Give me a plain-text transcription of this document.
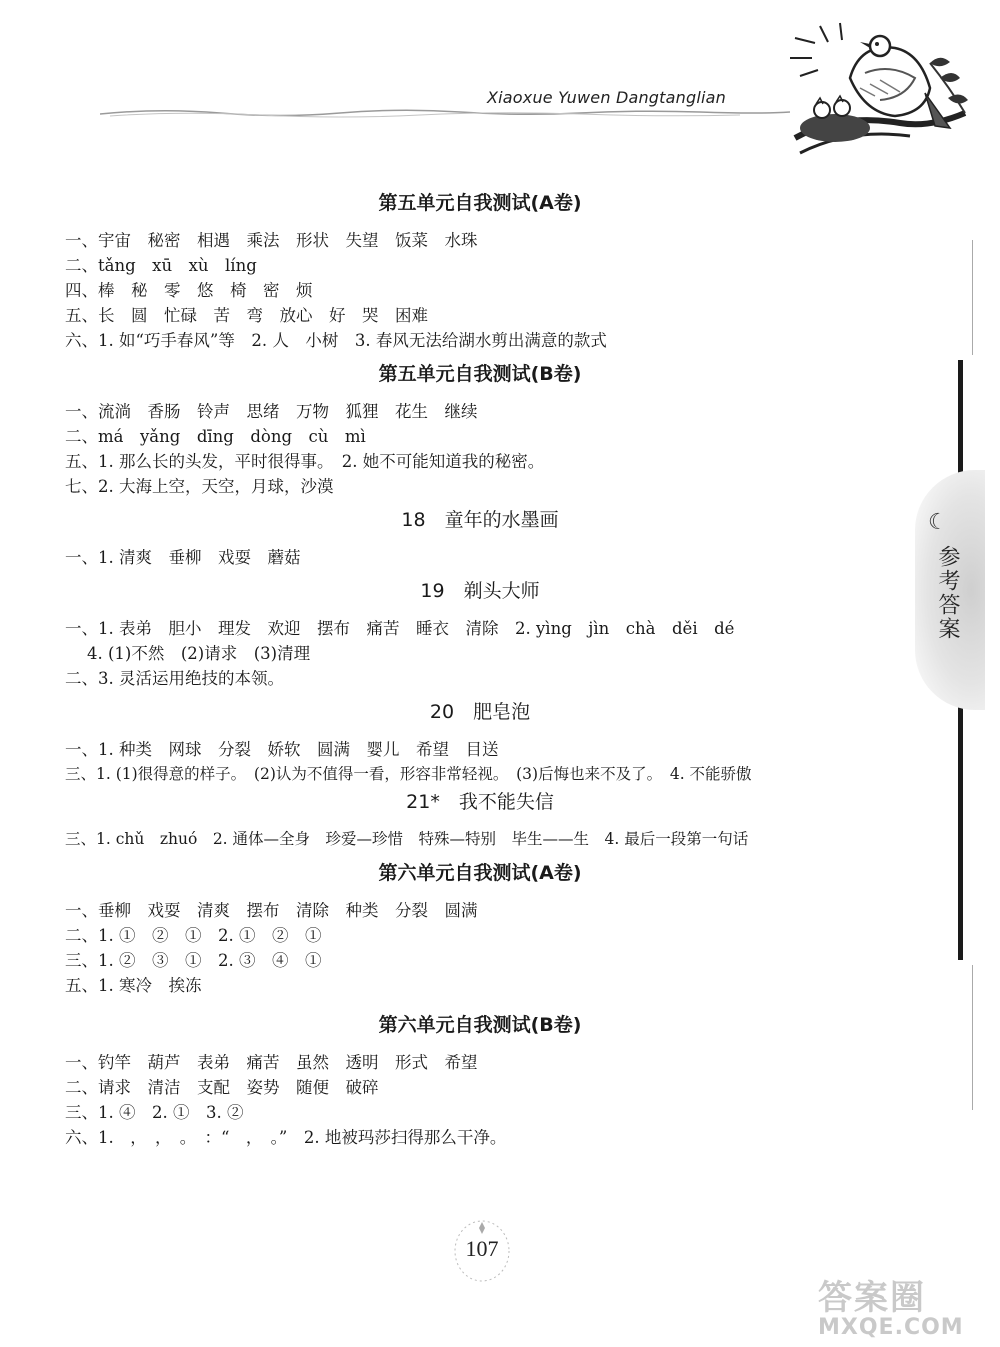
Xiaoxue Yuwen Dangtanglian
☾
参考答案
第五单元自我测试(A卷)
一、宇宙　秘密　相遇　乘法　形状　失望　饭菜　水珠
二、tǎng　xū　xù　líng
四、棒　秘　零　悠　椅　密　烦
五、长　圆　忙碌　苦　弯　放心　好　哭　困难
六、1. 如“巧手春风”等　2. 人　小树　3. 春风无法给湖水剪出满意的款式
第五单元自我测试(B卷)
一、流淌　香肠　铃声　思绪　万物　狐狸　花生　继续
二、má　yǎng　dīng　dòng　cù　mì
五、1. 那么长的头发，平时很得事。　2. 她不可能知道我的秘密。
七、2. 大海上空，天空，月球，沙漠
18　童年的水墨画
一、1. 清爽　垂柳　戏耍　蘑菇
19　剃头大师
一、1. 表弟　胆小　理发　欢迎　摆布　痛苦　睡衣　清除　2. yìng　jìn　chà　děi　dé
4. (1)不然　(2)请求　(3)清理
二、3. 灵活运用绝技的本领。
20　肥皂泡
一、1. 种类　网球　分裂　娇软　圆满　婴儿　希望　目送
三、1. (1)很得意的样子。　(2)认为不值得一看，形容非常轻视。　(3)后悔也来不及了。　4. 不能骄傲
21*　我不能失信
三、1. chǔ　zhuó　2. 通体—全身　珍爱—珍惜　特殊—特别　毕生——生　4. 最后一段第一句话
第六单元自我测试(A卷)
一、垂柳　戏耍　清爽　摆布　清除　种类　分裂　圆满
二、1. ①　②　①　2. ①　②　①
三、1. ②　③　①　2. ③　④　①
五、1. 寒冷　挨冻
第六单元自我测试(B卷)
一、钓竿　葫芦　表弟　痛苦　虽然　透明　形式　希望
二、请求　清洁　支配　姿势　随便　破碎
三、1. ④　2. ①　3. ②
六、1.　，　，　。　：“　，　。”　2. 地被玛莎扫得那么干净。
107
答案圈
MXQE.COM
